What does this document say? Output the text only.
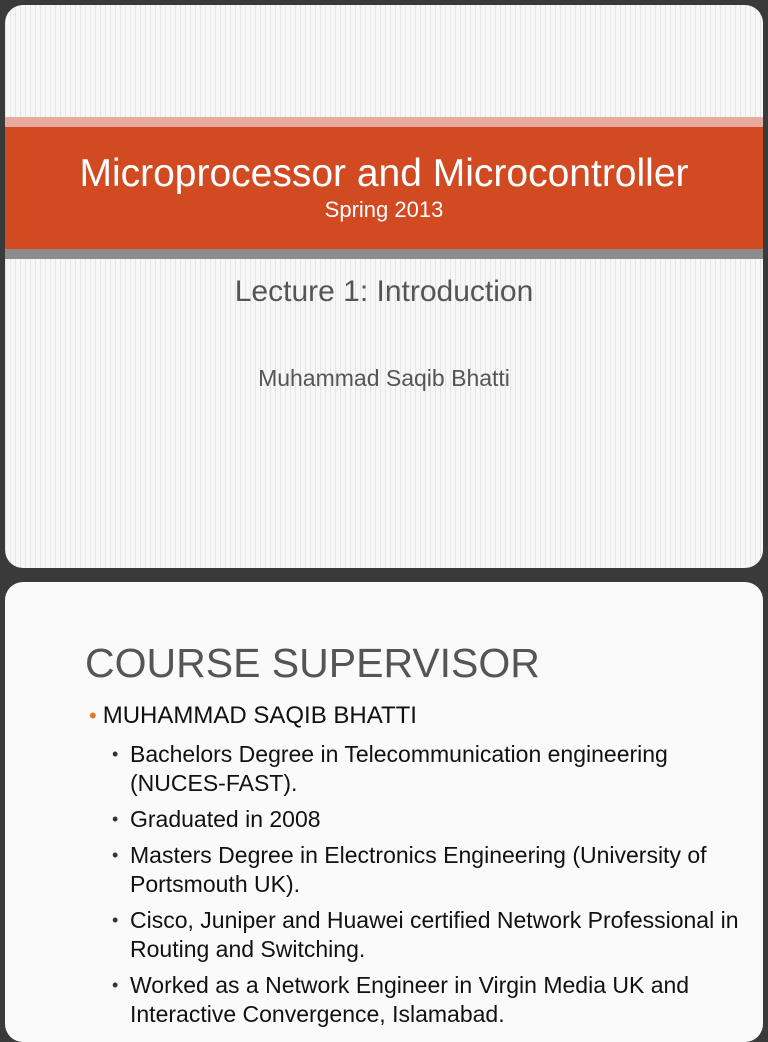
Microprocessor and Microcontroller
Spring 2013
Lecture 1: Introduction
Muhammad Saqib Bhatti
COURSE SUPERVISOR
• MUHAMMAD SAQIB BHATTI
• Bachelors Degree in Telecommunication engineering (NUCES-FAST).
• Graduated in 2008
• Masters Degree in Electronics Engineering (University of Portsmouth UK).
• Cisco, Juniper and Huawei certified Network Professional in Routing and Switching.
• Worked as a Network Engineer in Virgin Media UK and Interactive Convergence, Islamabad.
